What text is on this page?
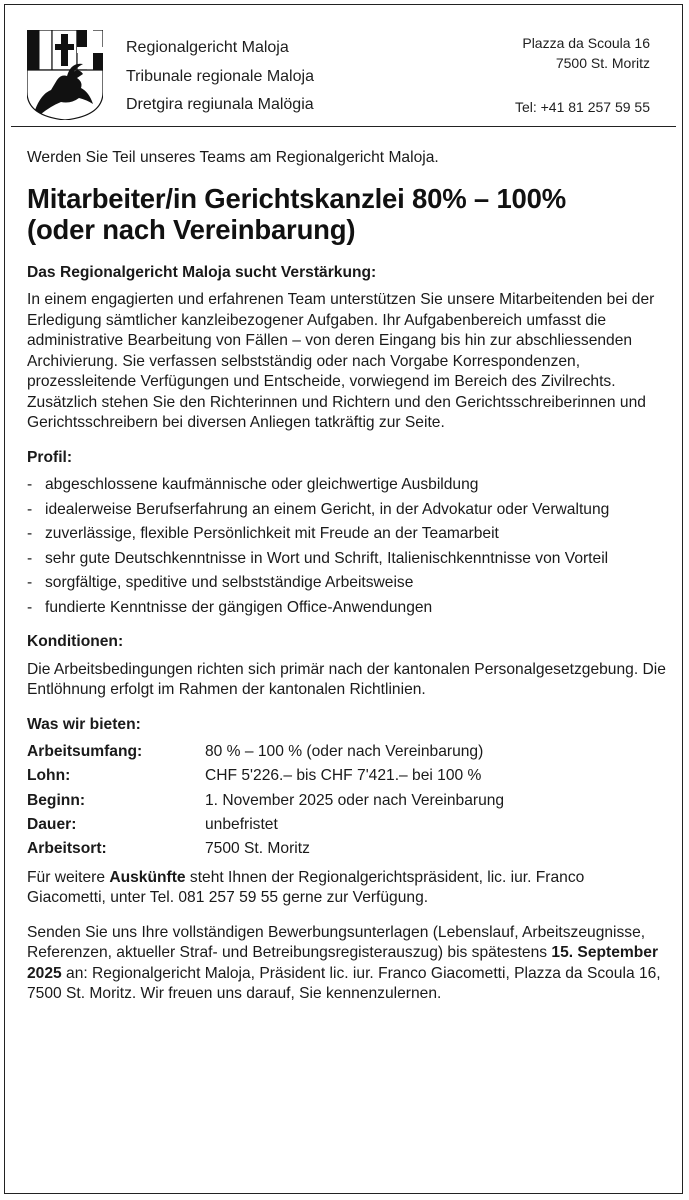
Regionalgericht Maloja
Tribunale regionale Maloja
Dretgira regiunala Malögia
Plazza da Scoula 16
7500 St. Moritz
Tel: +41 81 257 59 55
Werden Sie Teil unseres Teams am Regionalgericht Maloja.
Mitarbeiter/in Gerichtskanzlei 80% – 100%
(oder nach Vereinbarung)
Das Regionalgericht Maloja sucht Verstärkung:

In einem engagierten und erfahrenen Team unterstützen Sie unsere Mitarbeitenden bei der Erledigung sämtlicher kanzleibezogener Aufgaben. Ihr Aufgabenbereich umfasst die administrative Bearbeitung von Fällen – von deren Eingang bis hin zur abschliessenden Archivierung. Sie verfassen selbstständig oder nach Vorgabe Korrespondenzen, prozessleitende Verfügungen und Entscheide, vorwiegend im Bereich des Zivilrechts. Zusätzlich stehen Sie den Richterinnen und Richtern und den Gerichtsschreiberinnen und Gerichtsschreibern bei diversen Anliegen tatkräftig zur Seite.

Profil:
- abgeschlossene kaufmännische oder gleichwertige Ausbildung
- idealerweise Berufserfahrung an einem Gericht, in der Advokatur oder Verwaltung
- zuverlässige, flexible Persönlichkeit mit Freude an der Teamarbeit
- sehr gute Deutschkenntnisse in Wort und Schrift, Italienischkenntnisse von Vorteil
- sorgfältige, speditive und selbstständige Arbeitsweise
- fundierte Kenntnisse der gängigen Office-Anwendungen
Konditionen:

Die Arbeitsbedingungen richten sich primär nach der kantonalen Personalgesetzgebung. Die Entlöhnung erfolgt im Rahmen der kantonalen Richtlinien.

Was wir bieten:
Arbeitsumfang:	80 % – 100 % (oder nach Vereinbarung)
Lohn:	CHF 5'226.– bis CHF 7'421.– bei 100 %
Beginn:	1. November 2025 oder nach Vereinbarung
Dauer:	unbefristet
Arbeitsort:	7500 St. Moritz

Für weitere Auskünfte steht Ihnen der Regionalgerichtspräsident, lic. iur. Franco Giacometti, unter Tel. 081 257 59 55 gerne zur Verfügung.

Senden Sie uns Ihre vollständigen Bewerbungsunterlagen (Lebenslauf, Arbeitszeugnisse, Referenzen, aktueller Straf- und Betreibungsregisterauszug) bis spätestens 15. September 2025 an: Regionalgericht Maloja, Präsident lic. iur. Franco Giacometti, Plazza da Scoula 16, 7500 St. Moritz. Wir freuen uns darauf, Sie kennenzulernen.
